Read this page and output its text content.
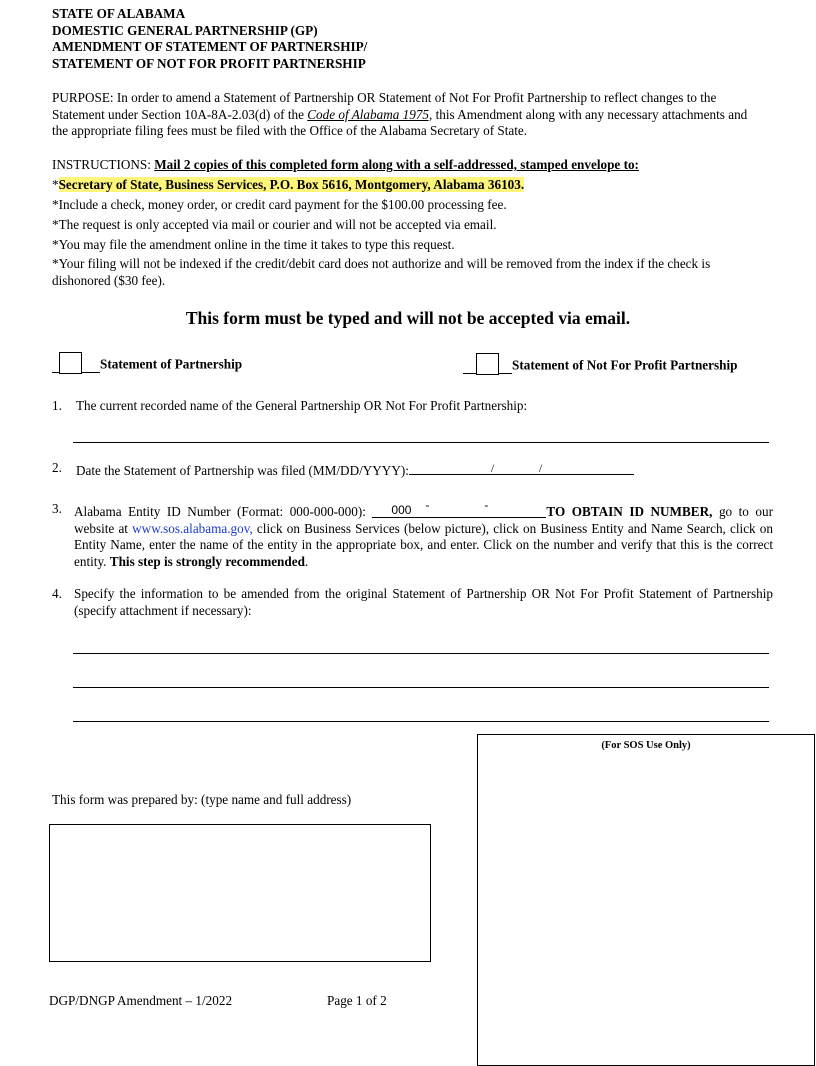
STATE OF ALABAMA
DOMESTIC GENERAL PARTNERSHIP (GP)
AMENDMENT OF STATEMENT OF PARTNERSHIP/
STATEMENT OF NOT FOR PROFIT PARTNERSHIP
PURPOSE: In order to amend a Statement of Partnership OR Statement of Not For Profit Partnership to reflect changes to the Statement under Section 10A-8A-2.03(d) of the Code of Alabama 1975, this Amendment along with any necessary attachments and the appropriate filing fees must be filed with the Office of the Alabama Secretary of State.
INSTRUCTIONS: Mail 2 copies of this completed form along with a self-addressed, stamped envelope to:
*Secretary of State, Business Services, P.O. Box 5616, Montgomery, Alabama 36103.
*Include a check, money order, or credit card payment for the $100.00 processing fee.
*The request is only accepted via mail or courier and will not be accepted via email.
*You may file the amendment online in the time it takes to type this request.
*Your filing will not be indexed if the credit/debit card does not authorize and will be removed from the index if the check is dishonored ($30 fee).
This form must be typed and will not be accepted via email.
Statement of Partnership	Statement of Not For Profit Partnership
1. The current recorded name of the General Partnership OR Not For Profit Partnership:
2. Date the Statement of Partnership was filed (MM/DD/YYYY):	/	/
3. Alabama Entity ID Number (Format: 000-000-000): 000 -	-	TO OBTAIN ID NUMBER, go to our website at www.sos.alabama.gov, click on Business Services (below picture), click on Business Entity and Name Search, click on Entity Name, enter the name of the entity in the appropriate box, and enter. Click on the number and verify that this is the correct entity. This step is strongly recommended.
4. Specify the information to be amended from the original Statement of Partnership OR Not For Profit Statement of Partnership (specify attachment if necessary):
(For SOS Use Only)
This form was prepared by: (type name and full address)
DGP/DNGP Amendment – 1/2022	Page 1 of 2
